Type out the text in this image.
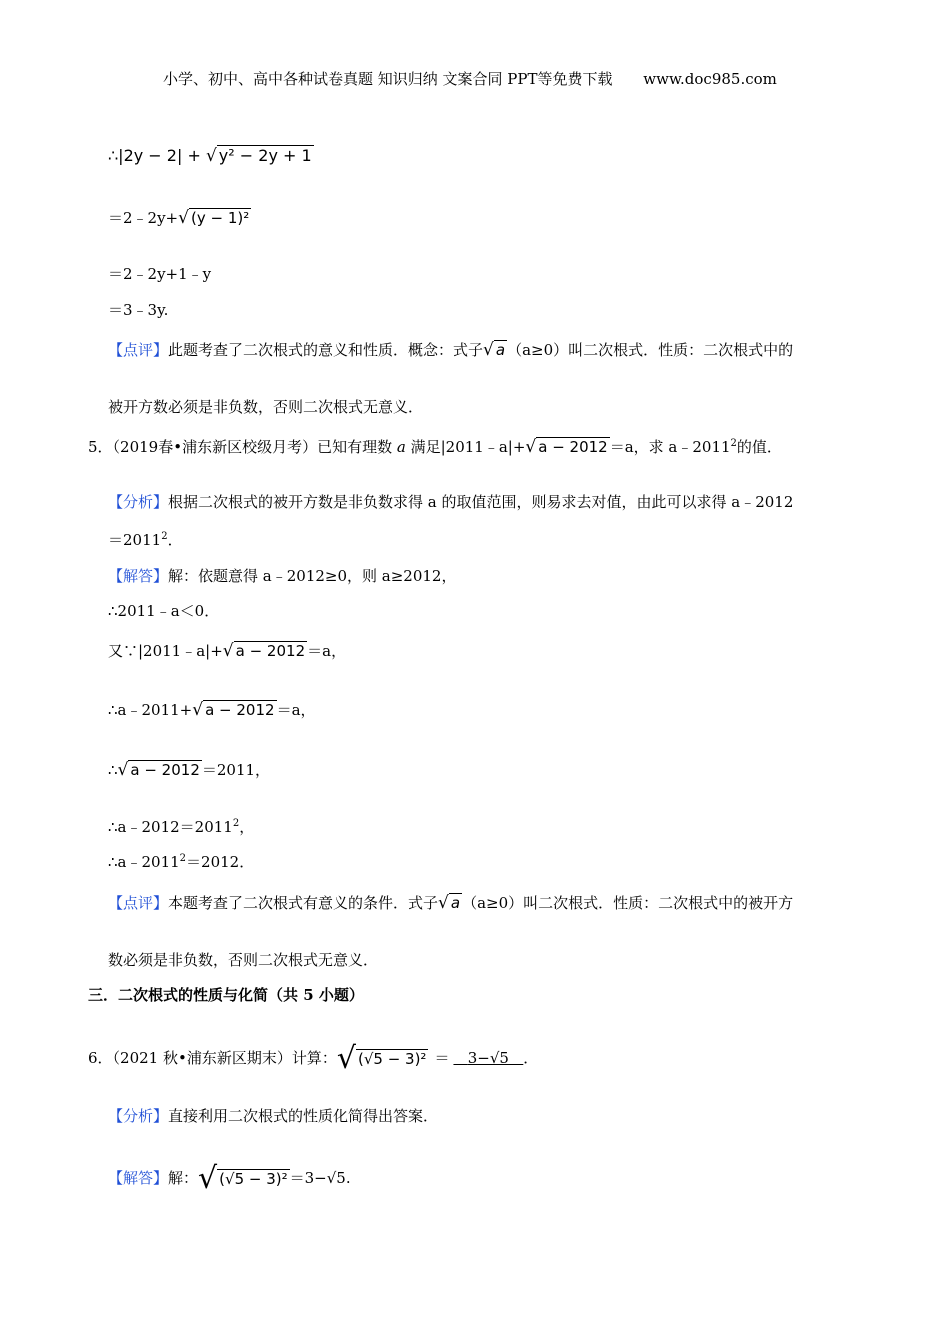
小学、初中、高中各种试卷真题 知识归纳 文案合同 PPT等免费下载 www.doc985.com
∴|2y − 2| + √ y² − 2y + 1
＝2﹣2y+√ (y − 1)²
＝2﹣2y+1﹣y
＝3﹣3y.
【点评】此题考查了二次根式的意义和性质．概念：式子√ a （a≥0）叫二次根式．性质：二次根式中的
被开方数必须是非负数，否则二次根式无意义．
5．（2019春•浦东新区校级月考）已知有理数 a 满足|2011﹣a|+√ a − 2012 ＝a，求 a﹣2011$^2$的值．
【分析】根据二次根式的被开方数是非负数求得 a 的取值范围，则易求去对值，由此可以求得 a﹣2012
$=2011^2$．
【解答】解：依题意得 a﹣2012≥0，则 a≥2012，
∴2011﹣a＜0．
又∵|2011﹣a|+√ a − 2012 ＝a，
∴a﹣2011+√ a − 2012 ＝a，
∴√ a − 2012 ＝2011，
$\therefore a﹣2012=2011^2$，
$\therefore a﹣2011^2=2012$．
【点评】本题考查了二次根式有意义的条件．式子√ a （a≥0）叫二次根式．性质：二次根式中的被开方
数必须是非负数，否则二次根式无意义．
三．二次根式的性质与化简（共 5 小题）
6．（2021 秋•浦东新区期末）计算：√ (√5 − 3)² ＝ 3−√5 ．
【分析】直接利用二次根式的性质化简得出答案．
【解答】解：√ (√5 − 3)² ＝3−√5.
